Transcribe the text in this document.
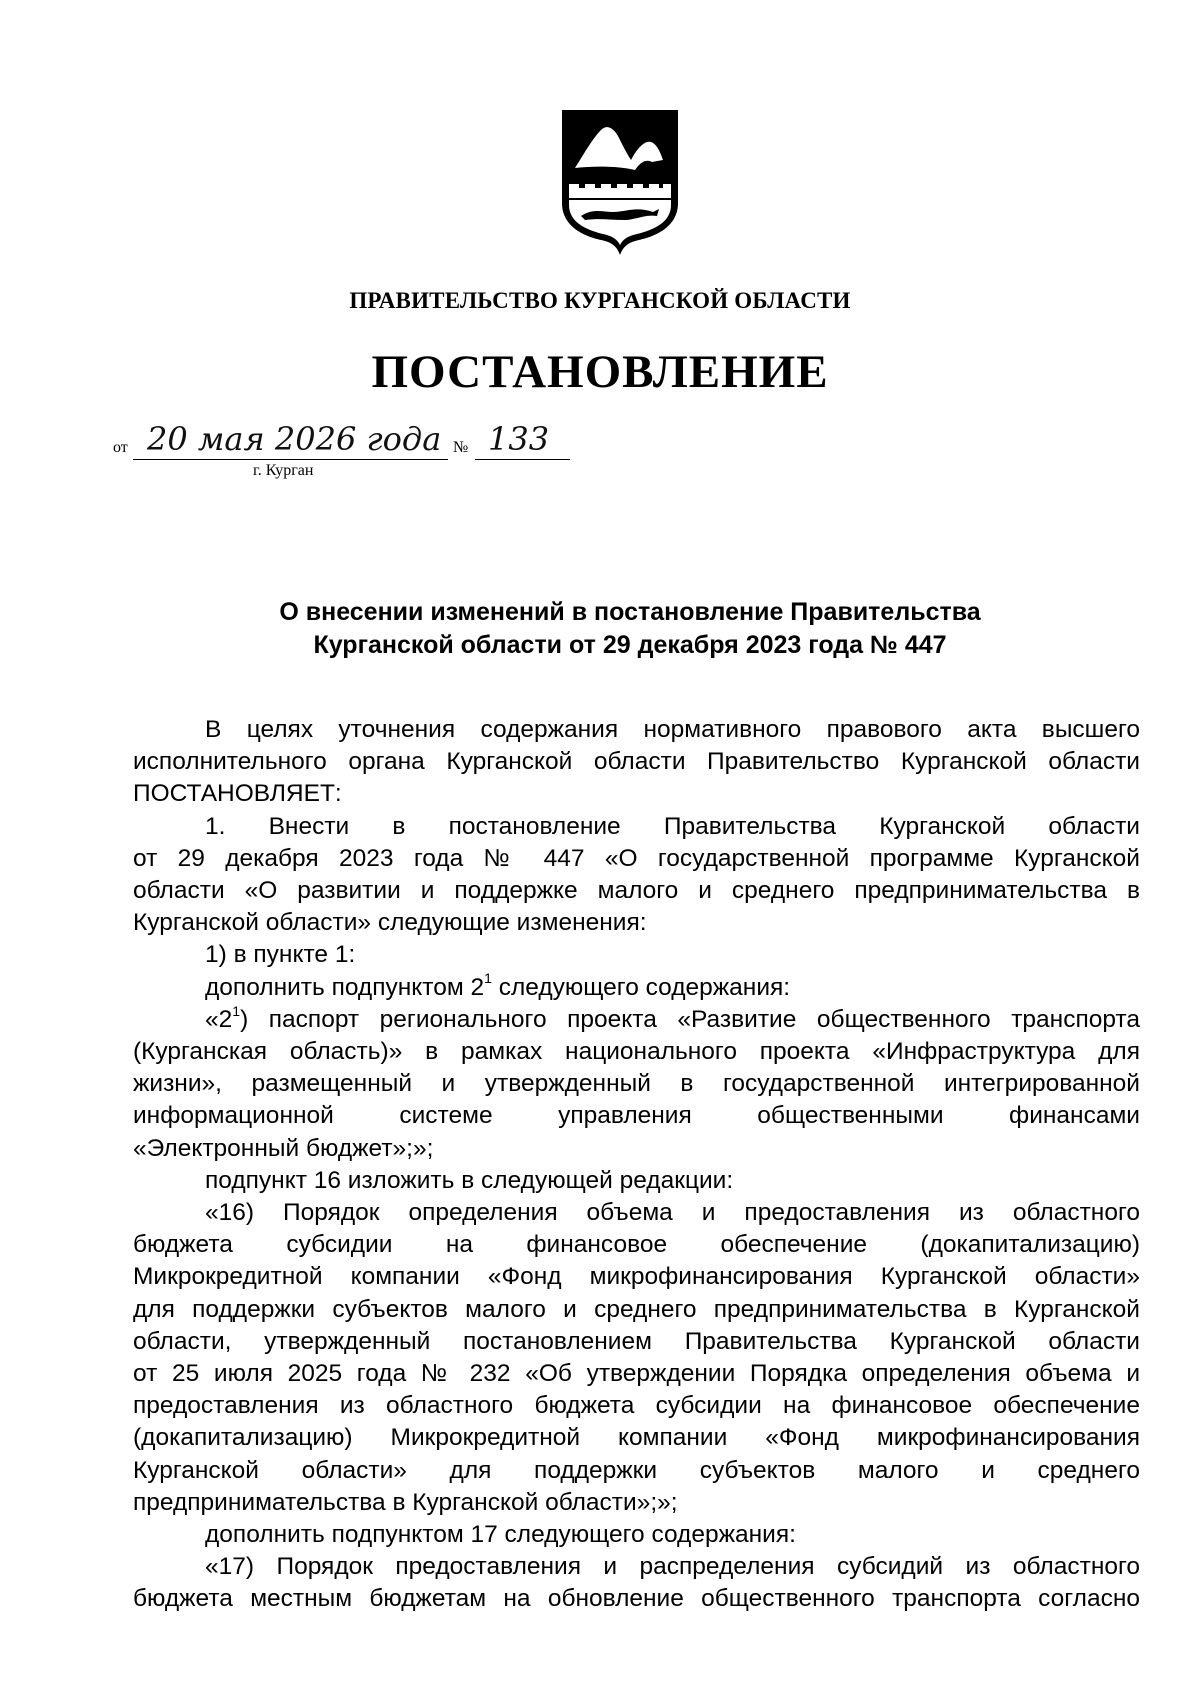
ПРАВИТЕЛЬСТВО КУРГАНСКОЙ ОБЛАСТИ
ПОСТАНОВЛЕНИЕ
от 20 мая 2026 года № 133
г. Курган
О внесении изменений в постановление Правительства
Курганской области от 29 декабря 2023 года № 447
В целях уточнения содержания нормативного правового акта высшего
исполнительного органа Курганской области Правительство Курганской области
ПОСТАНОВЛЯЕТ:
1. Внести в постановление Правительства Курганской области
от 29 декабря 2023 года № 447 «О государственной программе Курганской
области «О развитии и поддержке малого и среднего предпринимательства в
Курганской области» следующие изменения:
1) в пункте 1:
дополнить подпунктом $2^1$ следующего содержания:
«$2^1$) паспорт регионального проекта «Развитие общественного транспорта
(Курганская область)» в рамках национального проекта «Инфраструктура для
жизни», размещенный и утвержденный в государственной интегрированной
информационной системе управления общественными финансами
«Электронный бюджет»;»;
подпункт 16 изложить в следующей редакции:
«16) Порядок определения объема и предоставления из областного
бюджета субсидии на финансовое обеспечение (докапитализацию)
Микрокредитной компании «Фонд микрофинансирования Курганской области»
для поддержки субъектов малого и среднего предпринимательства в Курганской
области, утвержденный постановлением Правительства Курганской области
от 25 июля 2025 года № 232 «Об утверждении Порядка определения объема и
предоставления из областного бюджета субсидии на финансовое обеспечение
(докапитализацию) Микрокредитной компании «Фонд микрофинансирования
Курганской области» для поддержки субъектов малого и среднего
предпринимательства в Курганской области»;»;
дополнить подпунктом 17 следующего содержания:
«17) Порядок предоставления и распределения субсидий из областного
бюджета местным бюджетам на обновление общественного транспорта согласно
